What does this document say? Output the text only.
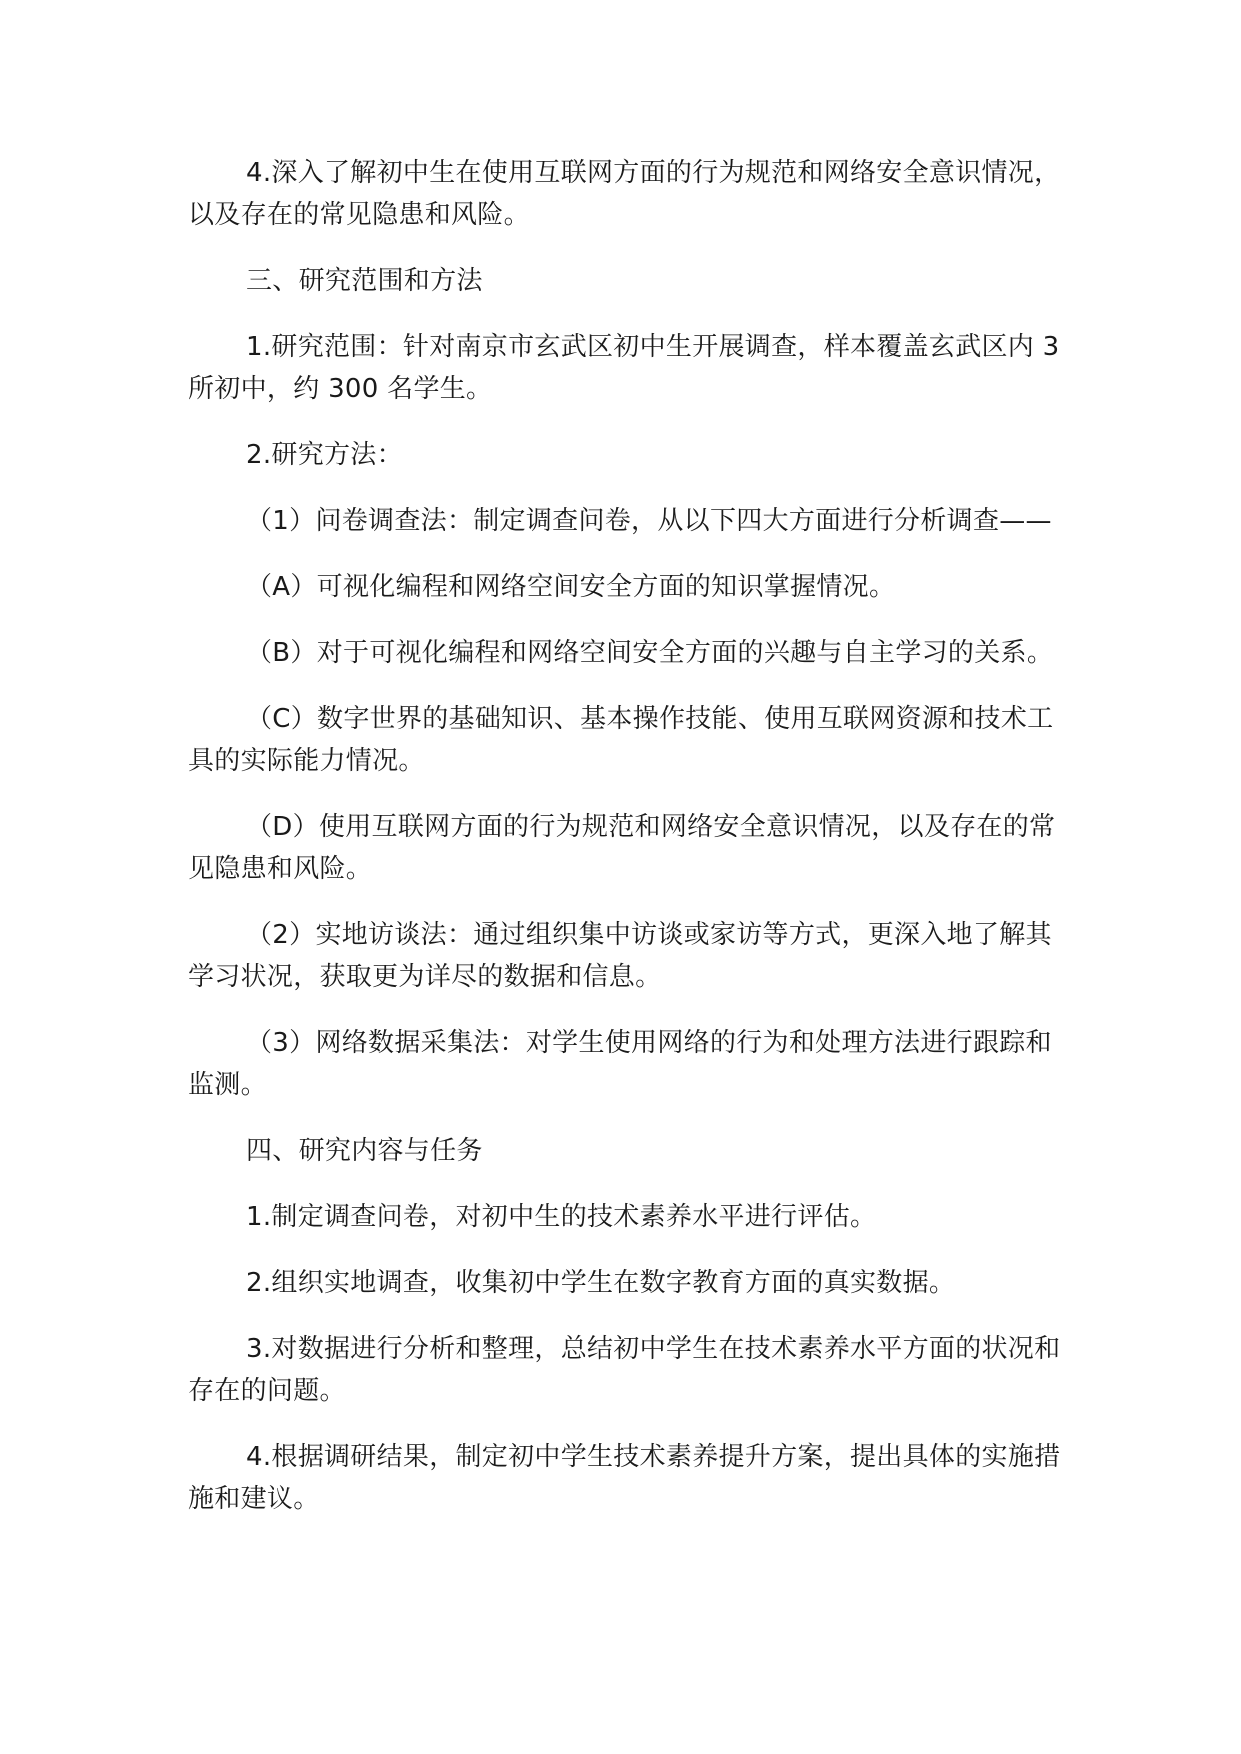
4.深入了解初中生在使用互联网方面的行为规范和网络安全意识情况，以及存在的常见隐患和风险。

三、研究范围和方法

1.研究范围：针对南京市玄武区初中生开展调查，样本覆盖玄武区内 3 所初中，约 300 名学生。

2.研究方法：

（1）问卷调查法：制定调查问卷，从以下四大方面进行分析调查——

（A）可视化编程和网络空间安全方面的知识掌握情况。

（B）对于可视化编程和网络空间安全方面的兴趣与自主学习的关系。

（C）数字世界的基础知识、基本操作技能、使用互联网资源和技术工具的实际能力情况。

（D）使用互联网方面的行为规范和网络安全意识情况，以及存在的常见隐患和风险。

（2）实地访谈法：通过组织集中访谈或家访等方式，更深入地了解其学习状况，获取更为详尽的数据和信息。

（3）网络数据采集法：对学生使用网络的行为和处理方法进行跟踪和监测。

四、研究内容与任务

1.制定调查问卷，对初中生的技术素养水平进行评估。

2.组织实地调查，收集初中学生在数字教育方面的真实数据。

3.对数据进行分析和整理，总结初中学生在技术素养水平方面的状况和存在的问题。

4.根据调研结果，制定初中学生技术素养提升方案，提出具体的实施措施和建议。
